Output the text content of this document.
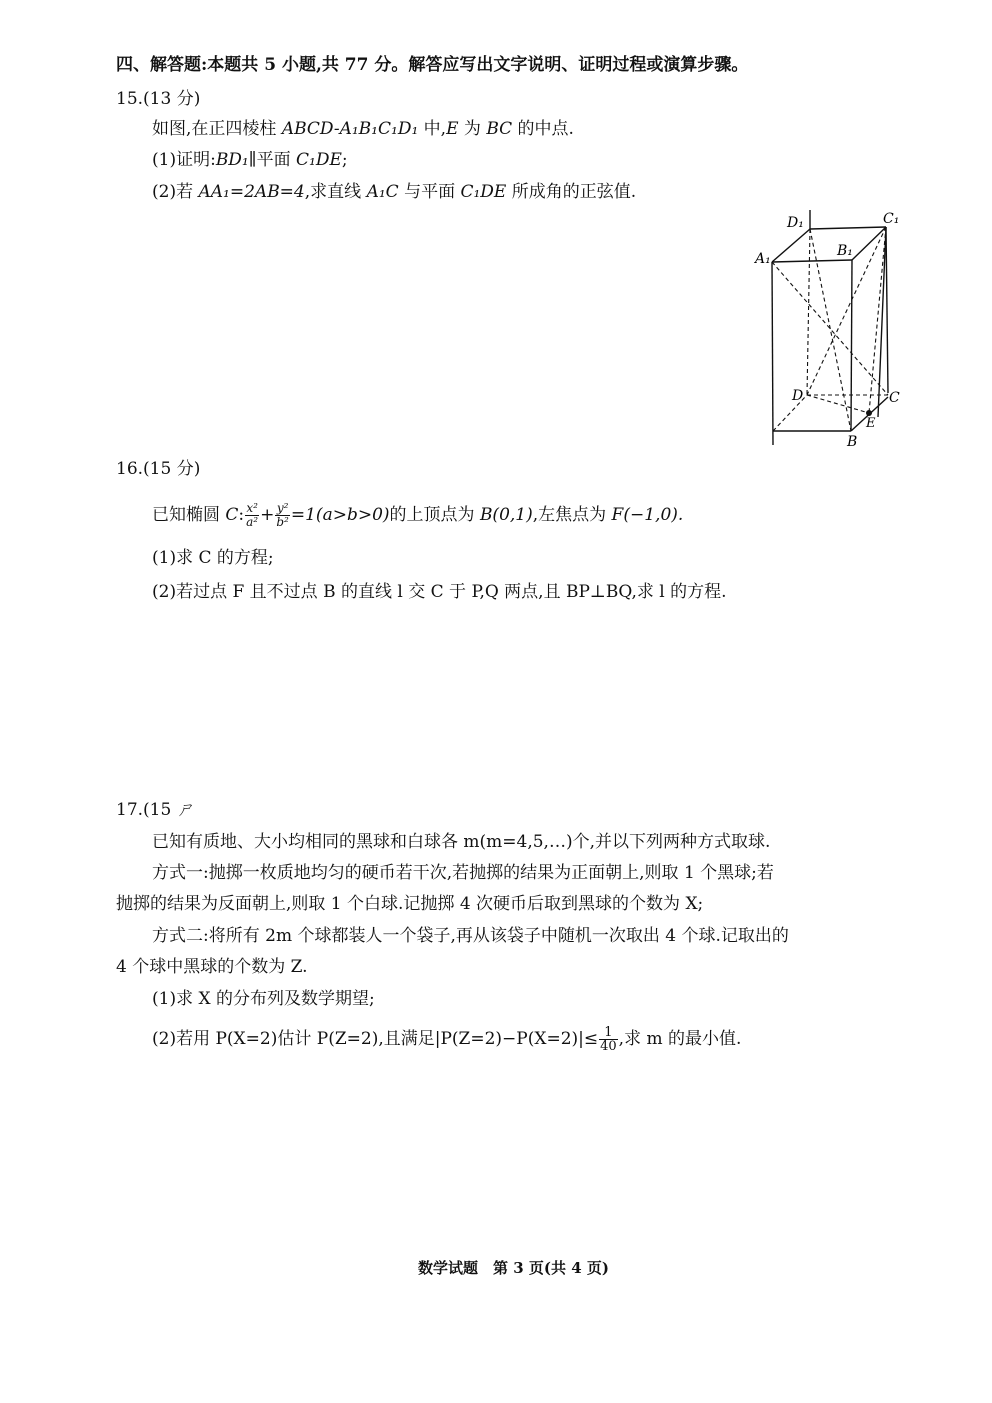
四、解答题:本题共 5 小题,共 77 分。解答应写出文字说明、证明过程或演算步骤。
15.(13 分)
如图,在正四棱柱 ABCD-A₁B₁C₁D₁ 中,E 为 BC 的中点.
(1)证明:BD₁∥平面 C₁DE;
(2)若 AA₁=2AB=4,求直线 A₁C 与平面 C₁DE 所成角的正弦值.
D₁	C₁
A₁	B₁
D	C
E
B
16.(15 分)
已知椭圆 C: $\frac{\text{x²}}{\text{a²}} + \frac{\text{y²}}{\text{b²}} =1(a>b>0)$的上顶点为 B(0,1),左焦点为 F(−1,0).
(1)求 C 的方程;
(2)若过点 F 且不过点 B 的直线 l 交 C 于 P,Q 两点,且 BP⊥BQ,求 l 的方程.
17.(15 ㄕ
已知有质地、大小均相同的黑球和白球各 m(m=4,5,…)个,并以下列两种方式取球.
方式一:抛掷一枚质地均匀的硬币若干次,若抛掷的结果为正面朝上,则取 1 个黑球;若
抛掷的结果为反面朝上,则取 1 个白球.记抛掷 4 次硬币后取到黑球的个数为 X;
方式二:将所有 2m 个球都装人一个袋子,再从该袋子中随机一次取出 4 个球.记取出的
4 个球中黑球的个数为 Z.
(1)求 X 的分布列及数学期望;
(2)若用 P(X=2)估计 P(Z=2),且满足$|P(Z=2)-P(X=2)|\le \frac{1}{40}$ ,求 m 的最小值.
数学试题　第 3 页(共 4 页)
